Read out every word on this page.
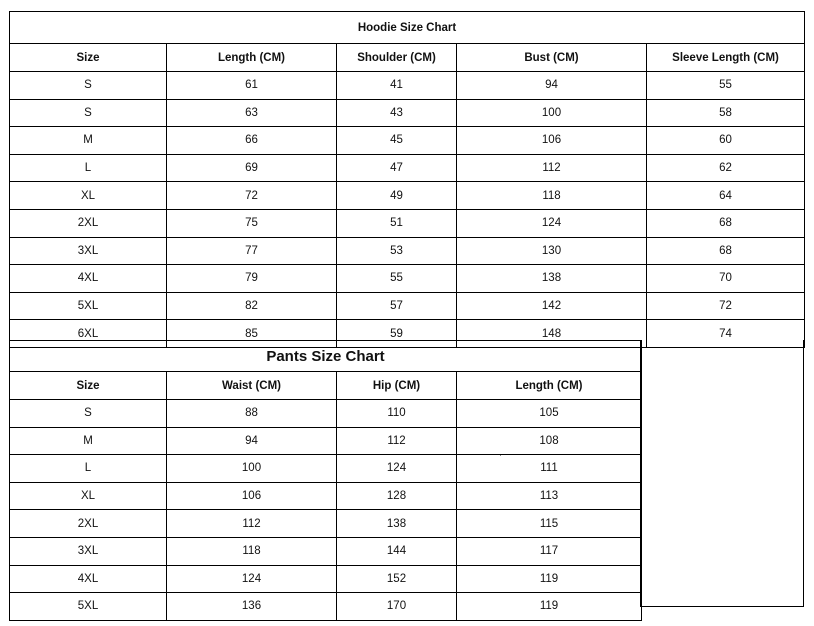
Hoodie Size Chart				
Size	Length (CM)	Shoulder (CM)	Bust (CM)	Sleeve Length (CM)
S	61	41	94	55
S	63	43	100	58
M	66	45	106	60
L	69	47	112	62
XL	72	49	118	64
2XL	75	51	124	68
3XL	77	53	130	68
4XL	79	55	138	70
5XL	82	57	142	72
6XL	85	59	148	74
Pants Size Chart			
Size	Waist (CM)	Hip (CM)	Length (CM)
S	88	110	105
M	94	112	108
L	100	124	111
XL	106	128	113
2XL	112	138	115
3XL	118	144	117
4XL	124	152	119
5XL	136	170	119
